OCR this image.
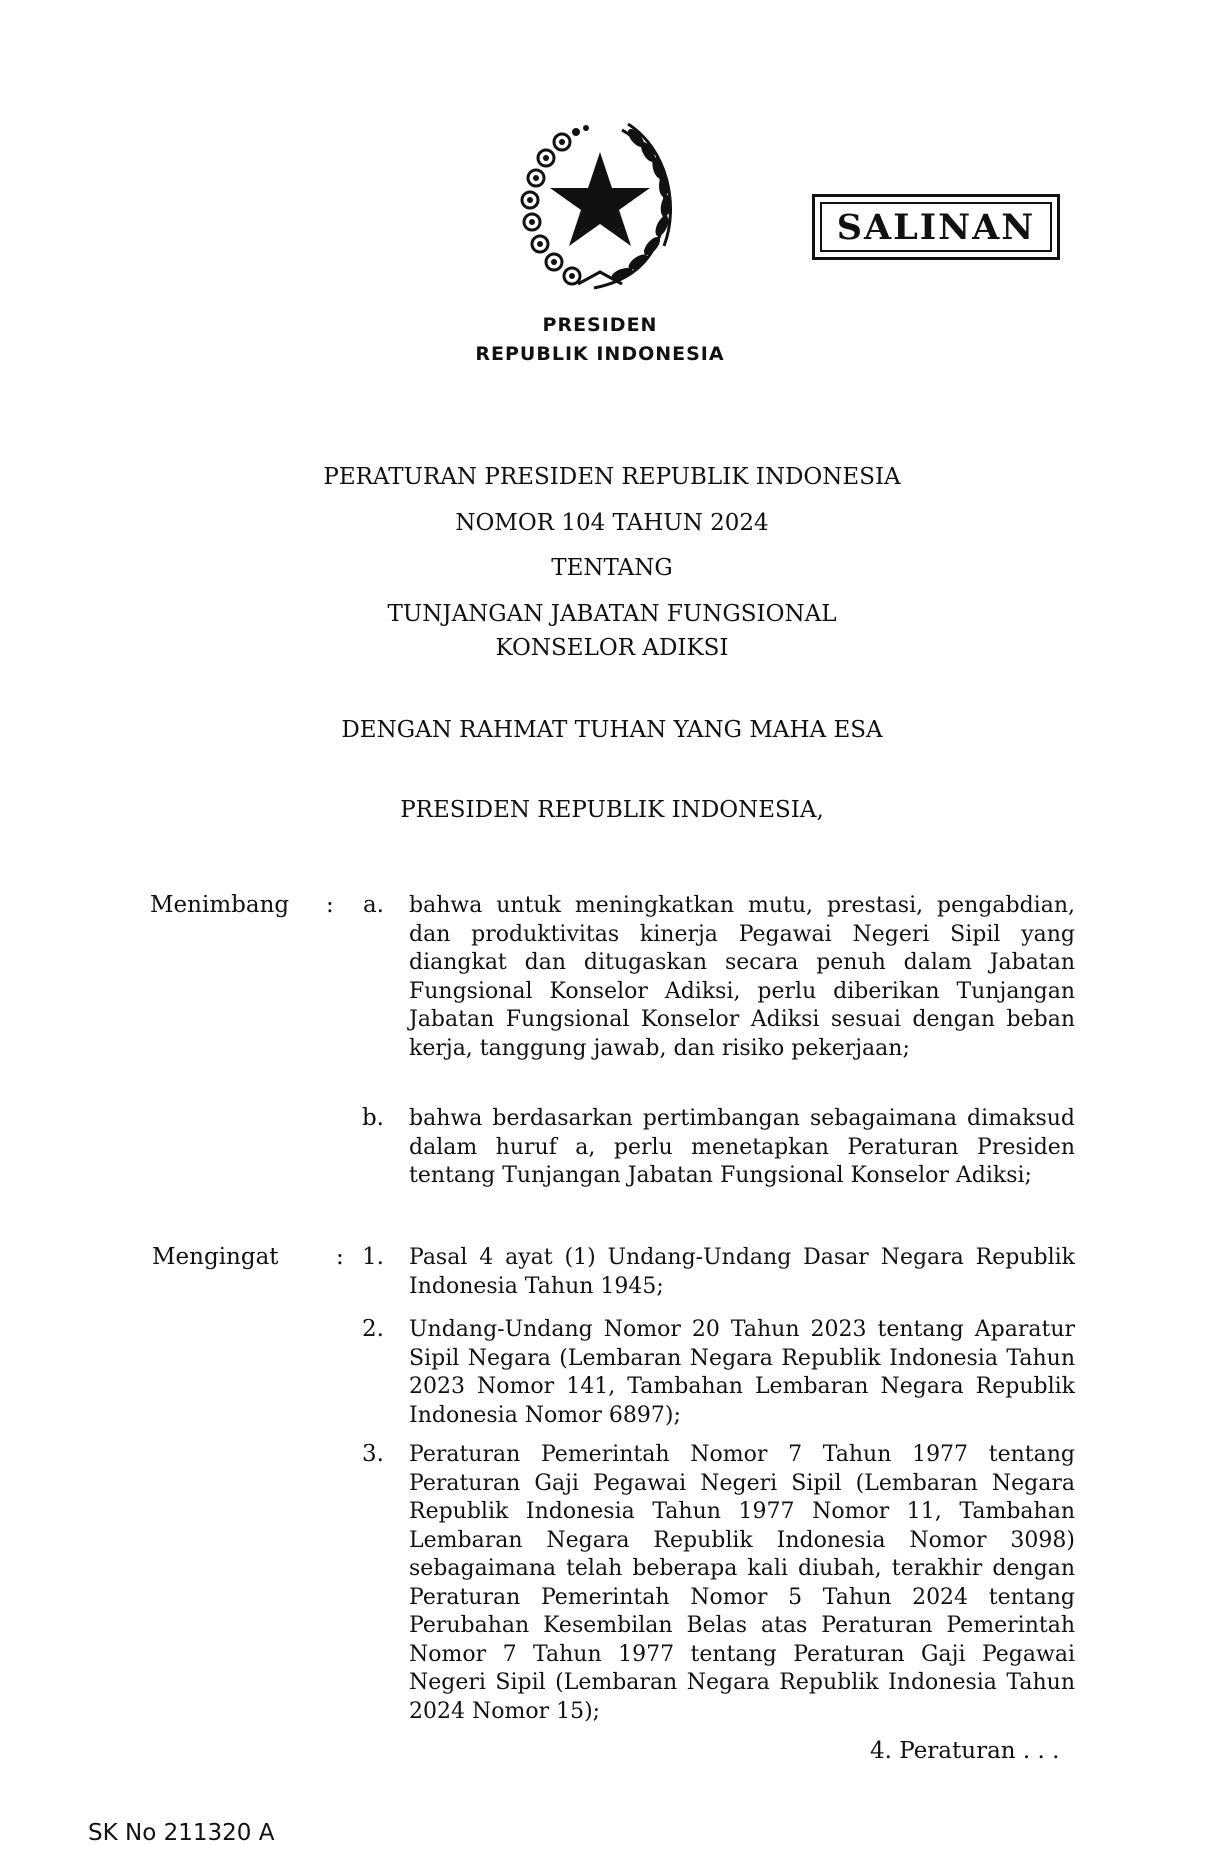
SALINAN
PRESIDEN
REPUBLIK INDONESIA
PERATURAN PRESIDEN REPUBLIK INDONESIA
NOMOR 104 TAHUN 2024
TENTANG
TUNJANGAN JABATAN FUNGSIONAL
KONSELOR ADIKSI
DENGAN RAHMAT TUHAN YANG MAHA ESA
PRESIDEN REPUBLIK INDONESIA,
Menimbang :	a. bahwa untuk meningkatkan mutu, prestasi, pengabdian, dan produktivitas kinerja Pegawai Negeri Sipil yang diangkat dan ditugaskan secara penuh dalam Jabatan Fungsional Konselor Adiksi, perlu diberikan Tunjangan Jabatan Fungsional Konselor Adiksi sesuai dengan beban kerja, tanggung jawab, dan risiko pekerjaan;
b. bahwa berdasarkan pertimbangan sebagaimana dimaksud dalam huruf a, perlu menetapkan Peraturan Presiden tentang Tunjangan Jabatan Fungsional Konselor Adiksi;
Mengingat : 1. Pasal 4 ayat (1) Undang-Undang Dasar Negara Republik Indonesia Tahun 1945;
2. Undang-Undang Nomor 20 Tahun 2023 tentang Aparatur Sipil Negara (Lembaran Negara Republik Indonesia Tahun 2023 Nomor 141, Tambahan Lembaran Negara Republik Indonesia Nomor 6897);
3. Peraturan Pemerintah Nomor 7 Tahun 1977 tentang Peraturan Gaji Pegawai Negeri Sipil (Lembaran Negara Republik Indonesia Tahun 1977 Nomor 11, Tambahan Lembaran Negara Republik Indonesia Nomor 3098) sebagaimana telah beberapa kali diubah, terakhir dengan Peraturan Pemerintah Nomor 5 Tahun 2024 tentang Perubahan Kesembilan Belas atas Peraturan Pemerintah Nomor 7 Tahun 1977 tentang Peraturan Gaji Pegawai Negeri Sipil (Lembaran Negara Republik Indonesia Tahun 2024 Nomor 15);
4. Peraturan . . .
SK No 211320 A
